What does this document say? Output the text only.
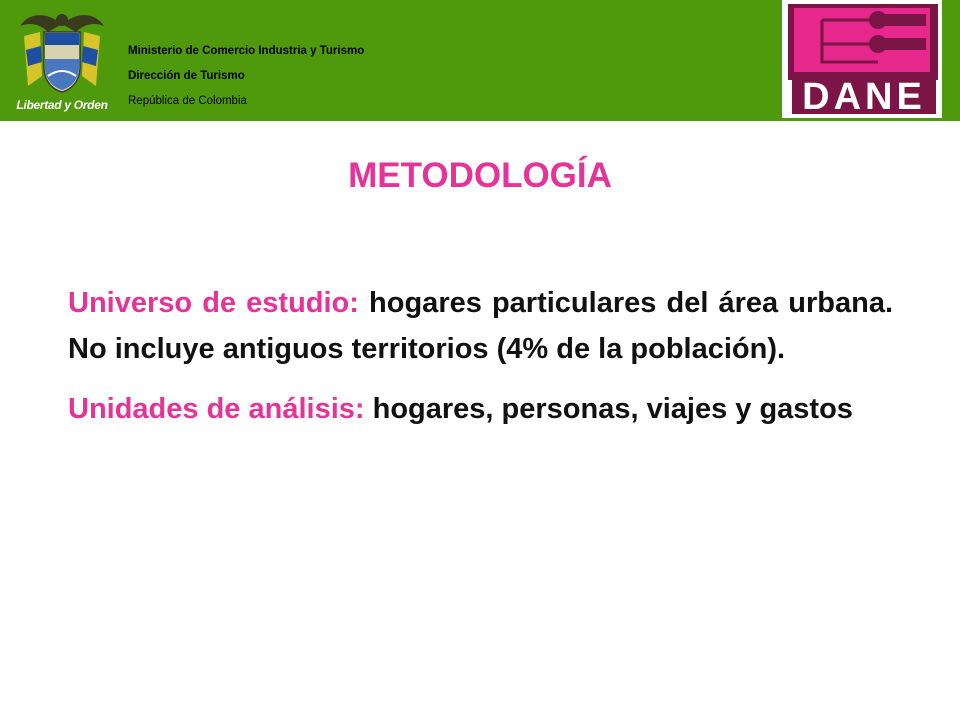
Libertad y Orden
Ministerio de Comercio Industria y Turismo
Dirección de Turismo
República de Colombia	DANE
METODOLOGÍA

Universo de estudio: hogares particulares del área urbana. No incluye antiguos territorios (4% de la población).

Unidades de análisis: hogares, personas, viajes y gastos
